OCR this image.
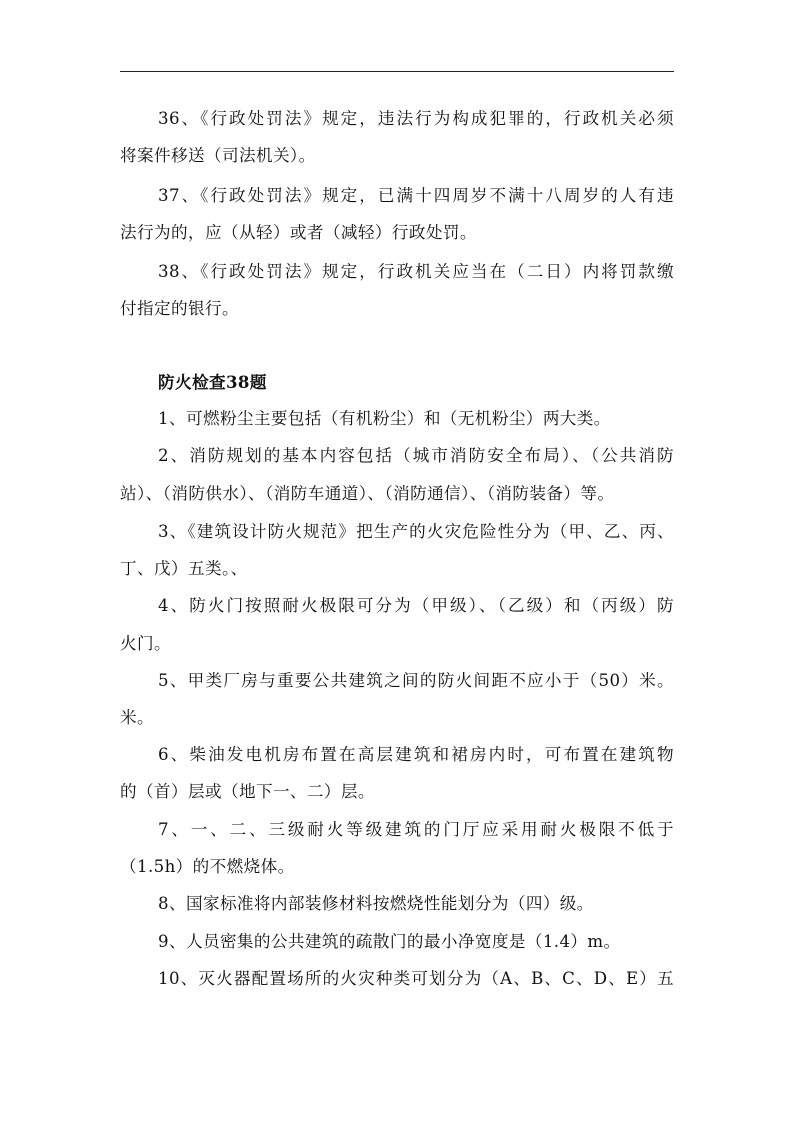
36、《行政处罚法》规定，违法行为构成犯罪的，行政机关必须
将案件移送（司法机关）。
37、《行政处罚法》规定，已满十四周岁不满十八周岁的人有违
法行为的，应（从轻）或者（减轻）行政处罚。
38、《行政处罚法》规定，行政机关应当在（二日）内将罚款缴
付指定的银行。
防火检查38题
1、可燃粉尘主要包括（有机粉尘）和（无机粉尘）两大类。
2、消防规划的基本内容包括（城市消防安全布局）、（公共消防
站）、（消防供水）、（消防车通道）、（消防通信）、（消防装备）等。
3、《建筑设计防火规范》把生产的火灾危险性分为（甲、乙、丙、
丁、戊）五类。、
4、防火门按照耐火极限可分为（甲级）、（乙级）和（丙级）防
火门。
5、甲类厂房与重要公共建筑之间的防火间距不应小于（50）米。
米。
6、柴油发电机房布置在高层建筑和裙房内时，可布置在建筑物
的（首）层或（地下一、二）层。
7、一、二、三级耐火等级建筑的门厅应采用耐火极限不低于
（1.5h）的不燃烧体。
8、国家标准将内部装修材料按燃烧性能划分为（四）级。
9、人员密集的公共建筑的疏散门的最小净宽度是（1.4）m。
10、灭火器配置场所的火灾种类可划分为（A、B、C、D、E）五
